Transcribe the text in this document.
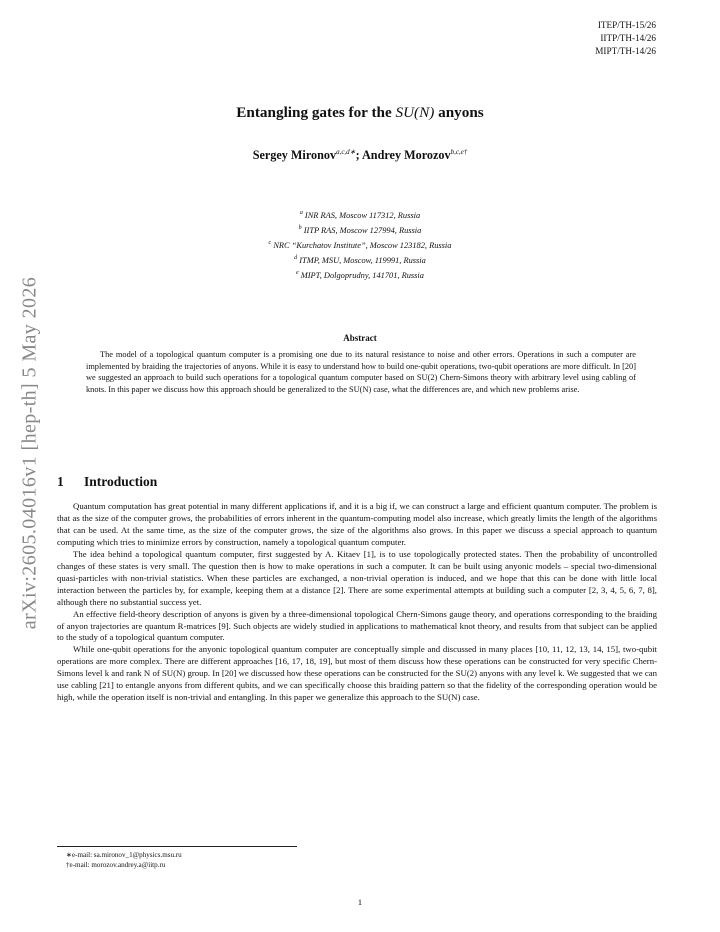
arXiv:2605.04016v1 [hep-th] 5 May 2026
ITEP/TH-15/26
IITP/TH-14/26
MIPT/TH-14/26
Entangling gates for the SU(N) anyons
Sergey Mironov$^{a,c,d∗}$; Andrey Morozov$^{b,c,e\dagger}$
$^a$ INR RAS, Moscow 117312, Russia
$^b$ IITP RAS, Moscow 127994, Russia
$^c$ NRC “Kurchatov Institute”, Moscow 123182, Russia
$^d$ ITMP, MSU, Moscow, 119991, Russia
$^e$ MIPT, Dolgoprudny, 141701, Russia
Abstract
The model of a topological quantum computer is a promising one due to its natural resistance to noise and other errors. Operations in such a computer are implemented by braiding the trajectories of anyons. While it is easy to understand how to build one-qubit operations, two-qubit operations are more difficult. In [20] we suggested an approach to build such operations for a topological quantum computer based on SU(2) Chern-Simons theory with arbitrary level using cabling of knots. In this paper we discuss how this approach should be generalized to the SU(N) case, what the differences are, and which new problems arise.
1 Introduction

Quantum computation has great potential in many different applications if, and it is a big if, we can construct a large and efficient quantum computer. The problem is that as the size of the computer grows, the probabilities of errors inherent in the quantum-computing model also increase, which greatly limits the length of the algorithms that can be used. At the same time, as the size of the computer grows, the size of the algorithms also grows. In this paper we discuss a special approach to quantum computing which tries to minimize errors by construction, namely a topological quantum computer.

The idea behind a topological quantum computer, first suggested by A. Kitaev [1], is to use topologically protected states. Then the probability of uncontrolled changes of these states is very small. The question then is how to make operations in such a computer. It can be built using anyonic models – special two-dimensional quasi-particles with non-trivial statistics. When these particles are exchanged, a non-trivial operation is induced, and we hope that this can be done with little local interaction between the particles by, for example, keeping them at a distance [2]. There are some experimental attempts at building such a computer [2, 3, 4, 5, 6, 7, 8], although there no substantial success yet.

An effective field-theory description of anyons is given by a three-dimensional topological Chern-Simons gauge theory, and operations corresponding to the braiding of anyon trajectories are quantum R-matrices [9]. Such objects are widely studied in applications to mathematical knot theory, and results from that subject can be applied to the study of a topological quantum computer.

While one-qubit operations for the anyonic topological quantum computer are conceptually simple and discussed in many places [10, 11, 12, 13, 14, 15], two-qubit operations are more complex. There are different approaches [16, 17, 18, 19], but most of them discuss how these operations can be constructed for very specific Chern-Simons level k and rank N of SU(N) group. In [20] we discussed how these operations can be constructed for the SU(2) anyons with any level k. We suggested that we can use cabling [21] to entangle anyons from different qubits, and we can specifically choose this braiding pattern so that the fidelity of the corresponding operation would be high, while the operation itself is non-trivial and entangling. In this paper we generalize this approach to the SU(N) case.

∗e-mail: sa.mironov_1@physics.msu.ru
†e-mail: morozov.andrey.a@iitp.ru
1
